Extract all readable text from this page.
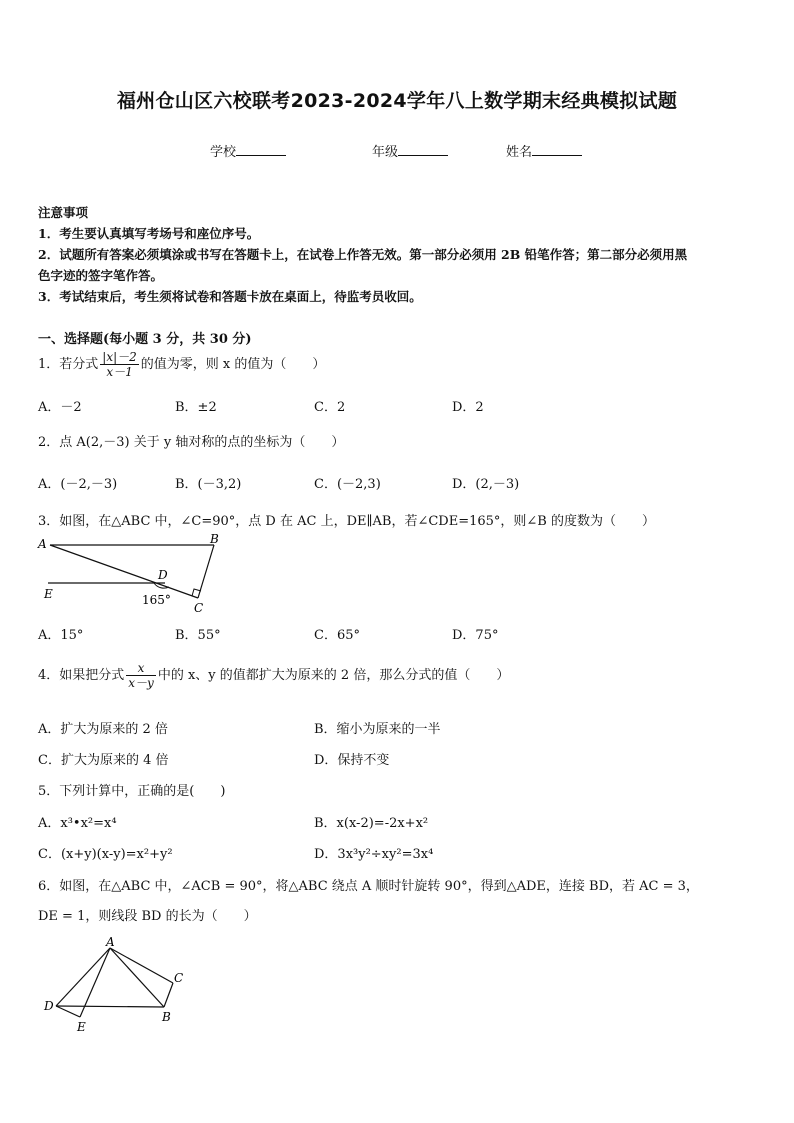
福州仓山区六校联考2023-2024学年八上数学期末经典模拟试题
学校	年级	姓名
注意事项
1．考生要认真填写考场号和座位序号。
2．试题所有答案必须填涂或书写在答题卡上，在试卷上作答无效。第一部分必须用 2B 铅笔作答；第二部分必须用黑
色字迹的签字笔作答。
3．考试结束后，考生须将试卷和答题卡放在桌面上，待监考员收回。
一、选择题(每小题 3 分，共 30 分)
1．若分式 $\frac{|x|-2}{x-1}$ 的值为零，则 x 的值为（　　）
A．－2	B．±2	C．2	D．2
2．点 A(2,－3) 关于 y 轴对称的点的坐标为（　　）
A．(－2,－3)	B．(－3,2)	C．(－2,3)	D．(2,－3)
3．如图，在△ABC 中，∠C=90°，点 D 在 AC 上，DE∥AB，若∠CDE=165°，则∠B 的度数为（　　）
A	B
C
D
E	165°
A．15°	B．55°	C．65°	D．75°
4．如果把分式 $\frac{x}{x-y}$ 中的 x、y 的值都扩大为原来的 2 倍，那么分式的值（　　）
A．扩大为原来的 2 倍	B．缩小为原来的一半
C．扩大为原来的 4 倍	D．保持不变
5．下列计算中，正确的是(　　)
A．x³•x²=x⁴	B．x(x-2)=-2x+x²
C．(x+y)(x-y)=x²+y²	D．3x³y²÷xy²=3x⁴
6．如图，在△ABC 中，∠ACB = 90°，将△ABC 绕点 A 顺时针旋转 90°，得到△ADE，连接 BD，若 AC = 3，
DE = 1，则线段 BD 的长为（　　）
A
C
B
D
E
